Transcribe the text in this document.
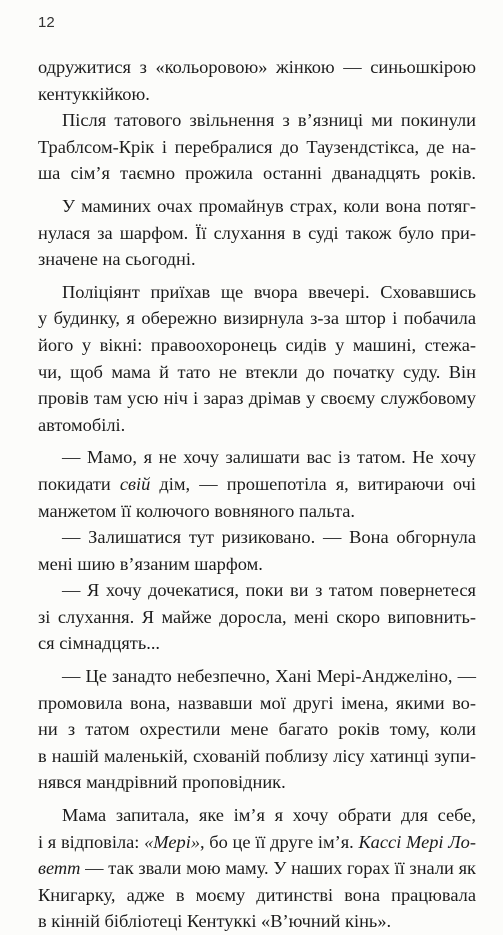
12
одружитися з «кольоровою» жінкою — синьошкірою
кентуккійкою.
Після татового звільнення з в’язниці ми покинули
Траблсом-Крік і перебралися до Таузендстікса, де на-
ша сім’я таємно прожила останні дванадцять років.
У маминих очах промайнув страх, коли вона потяг-
нулася за шарфом. Її слухання в суді також було при-
значене на сьогодні.
Поліціянт приїхав ще вчора ввечері. Сховавшись
у будинку, я обережно визирнула з-за штор і побачила
його у вікні: правоохоронець сидів у машині, стежа-
чи, щоб мама й тато не втекли до початку суду. Він
провів там усю ніч і зараз дрімав у своєму службовому
автомобілі.
— Мамо, я не хочу залишати вас із татом. Не хочу
покидати свій дім, — прошепотіла я, витираючи очі
манжетом її колючого вовняного пальта.
— Залишатися тут ризиковано. — Вона обгорнула
мені шию в’язаним шарфом.
— Я хочу дочекатися, поки ви з татом повернетеся
зі слухання. Я майже доросла, мені скоро виповнить-
ся сімнадцять...
— Це занадто небезпечно, Хані Мері-Анджеліно, —
промовила вона, назвавши мої другі імена, якими во-
ни з татом охрестили мене багато років тому, коли
в нашій маленькій, схованій поблизу лісу хатинці зупи-
нявся мандрівний проповідник.
Мама запитала, яке ім’я я хочу обрати для себе,
і я відповіла: «Мері», бо це її друге ім’я. Кассі Мері Ло-
ветт — так звали мою маму. У наших горах її знали як
Книгарку, адже в моєму дитинстві вона працювала
в кінній бібліотеці Кентуккі «В’ючний кінь».
